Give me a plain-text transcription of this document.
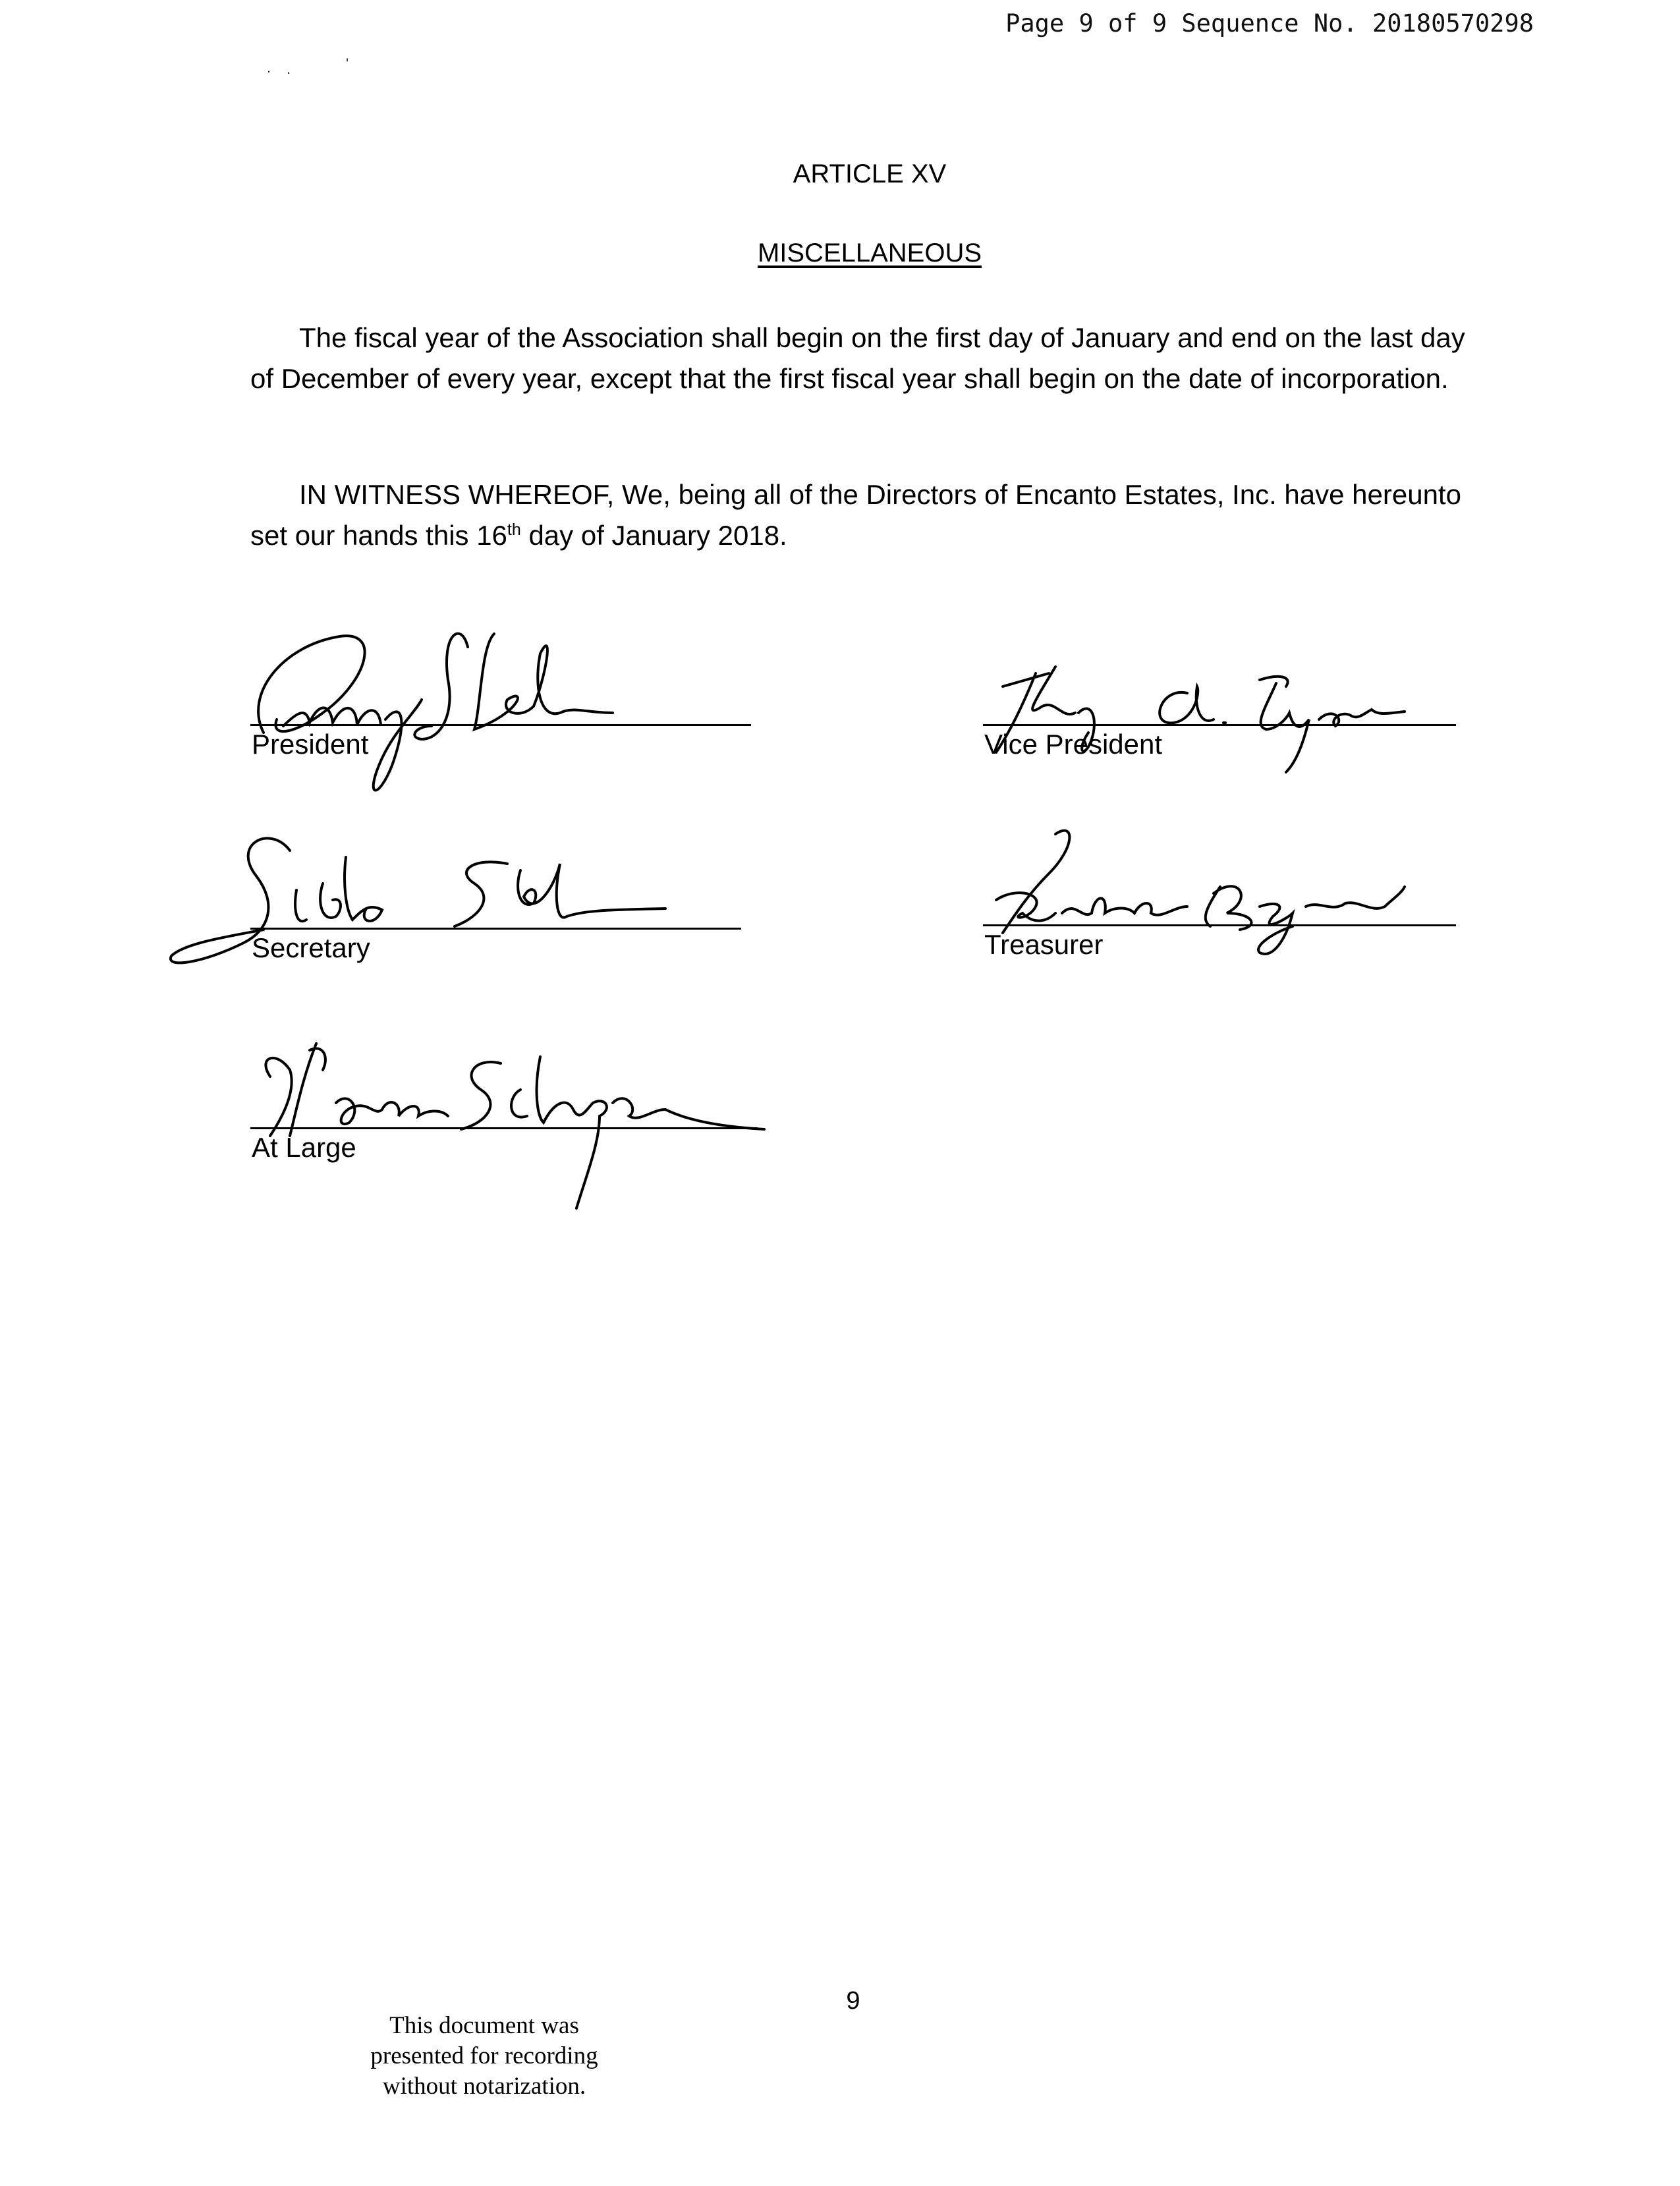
Page 9 of 9 Sequence No. 20180570298
. .	'
ARTICLE XV
MISCELLANEOUS

The fiscal year of the Association shall begin on the first day of January and end on the last day of December of every year, except that the first fiscal year shall begin on the date of incorporation.

IN WITNESS WHEREOF, We, being all of the Directors of Encanto Estates, Inc. have hereunto set our hands this 16th day of January 2018.

President	Vice President
Secretary	Treasurer
At Large
9
This document was
presented for recording
without notarization.
